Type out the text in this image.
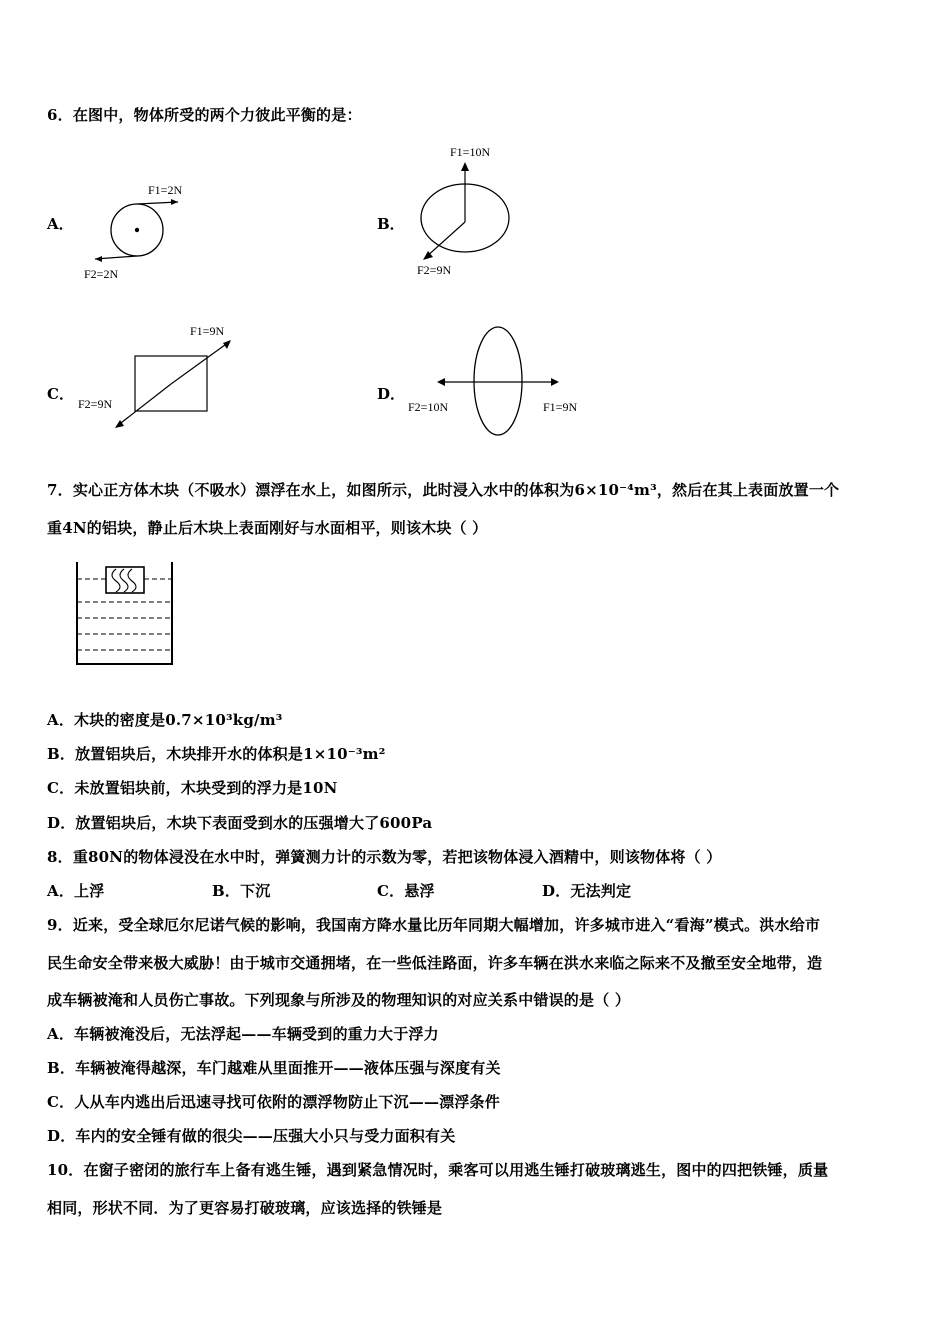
6．在图中，物体所受的两个力彼此平衡的是：
A．
F1=2N
F2=2N
B．
F1=10N
F2=9N
C．
F1=9N
F2=9N
D．
F2=10N	F1=9N
7．实心正方体木块（不吸水）漂浮在水上，如图所示，此时浸入水中的体积为6×10⁻⁴m³，然后在其上表面放置一个
重4N的铝块，静止后木块上表面刚好与水面相平，则该木块（ ）
A．木块的密度是0.7×10³kg/m³
B．放置铝块后，木块排开水的体积是1×10⁻³m²
C．未放置铝块前，木块受到的浮力是10N
D．放置铝块后，木块下表面受到水的压强增大了600Pa
8．重80N的物体浸没在水中时，弹簧测力计的示数为零，若把该物体浸入酒精中，则该物体将（ ）
A．上浮	B．下沉	C．悬浮	D．无法判定
9．近来，受全球厄尔尼诺气候的影响，我国南方降水量比历年同期大幅增加，许多城市进入“看海”模式。洪水给市
民生命安全带来极大威胁！由于城市交通拥堵，在一些低洼路面，许多车辆在洪水来临之际来不及撤至安全地带，造
成车辆被淹和人员伤亡事故。下列现象与所涉及的物理知识的对应关系中错误的是（ ）
A．车辆被淹没后，无法浮起——车辆受到的重力大于浮力
B．车辆被淹得越深，车门越难从里面推开——液体压强与深度有关
C．人从车内逃出后迅速寻找可依附的漂浮物防止下沉——漂浮条件
D．车内的安全锤有做的很尖——压强大小只与受力面积有关
10．在窗子密闭的旅行车上备有逃生锤，遇到紧急情况时，乘客可以用逃生锤打破玻璃逃生，图中的四把铁锤，质量
相同，形状不同．为了更容易打破玻璃，应该选择的铁锤是
